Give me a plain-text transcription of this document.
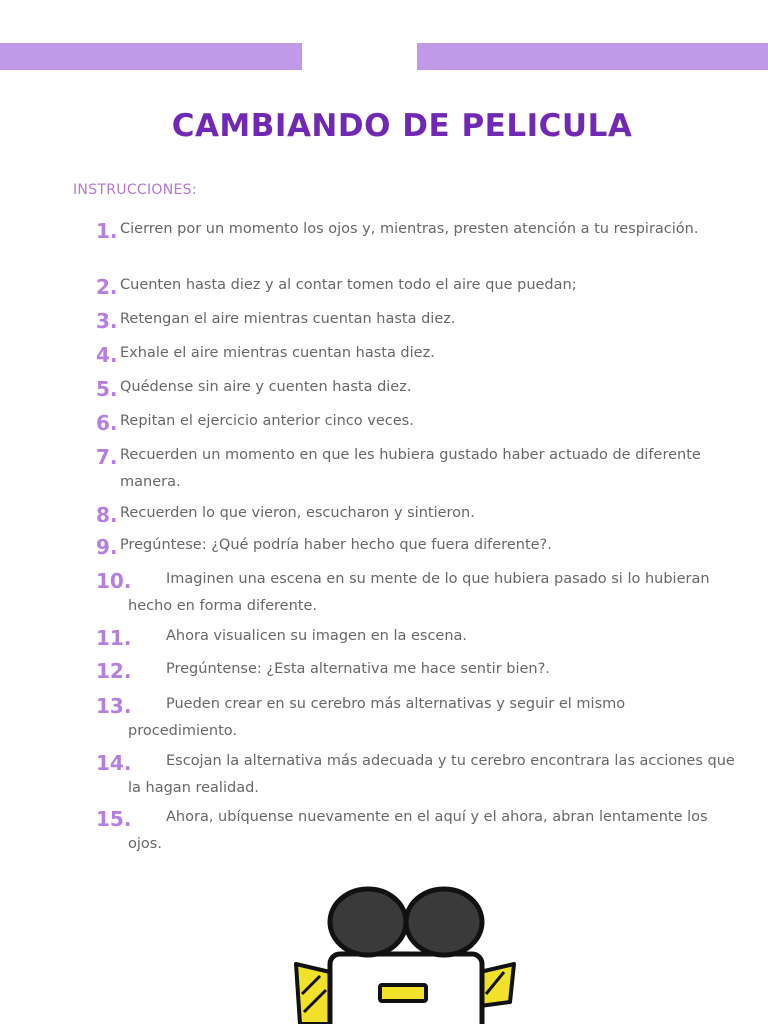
CAMBIANDO DE PELICULA
INSTRUCCIONES:
1. Cierren por un momento los ojos y, mientras, presten atención a tu respiración.
2. Cuenten hasta diez y al contar tomen todo el aire que puedan;
3. Retengan el aire mientras cuentan hasta diez.
4. Exhale el aire mientras cuentan hasta diez.
5. Quédense sin aire y cuenten hasta diez.
6. Repitan el ejercicio anterior cinco veces.
7. Recuerden un momento en que les hubiera gustado haber actuado de diferente manera.
8. Recuerden lo que vieron, escucharon y sintieron.
9. Pregúntese: ¿Qué podría haber hecho que fuera diferente?.
10.	Imaginen una escena en su mente de lo que hubiera pasado si lo hubieran hecho en forma diferente.
11.	Ahora visualicen su imagen en la escena.
12.	Pregúntense: ¿Esta alternativa me hace sentir bien?.
13.	Pueden crear en su cerebro más alternativas y seguir el mismo procedimiento.
14.	Escojan la alternativa más adecuada y tu cerebro encontrara las acciones que la hagan realidad.
15.	Ahora, ubíquense nuevamente en el aquí y el ahora, abran lentamente los ojos.
